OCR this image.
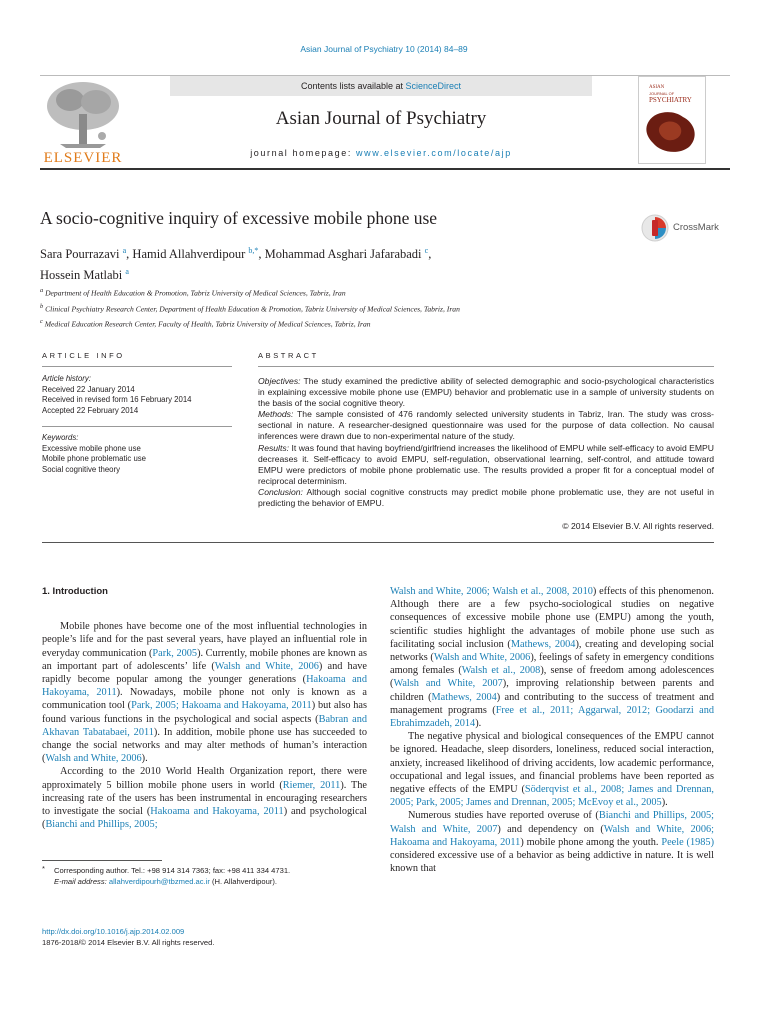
Asian Journal of Psychiatry 10 (2014) 84–89
ELSEVIER
Contents lists available at ScienceDirect
Asian Journal of Psychiatry
journal homepage: www.elsevier.com/locate/ajp
ASIAN
JOURNAL OF
PSYCHIATRY
A socio-cognitive inquiry of excessive mobile phone use	CrossMark
Sara Pourrazavi $^a$, Hamid Allahverdipour $^{b,*}$, Mohammad Asghari Jafarabadi $^c$,
Hossein Matlabi $^a$
$^a$ Department of Health Education & Promotion, Tabriz University of Medical Sciences, Tabriz, Iran
$^b$ Clinical Psychiatry Research Center, Department of Health Education & Promotion, Tabriz University of Medical Sciences, Tabriz, Iran
$^c$ Medical Education Research Center, Faculty of Health, Tabriz University of Medical Sciences, Tabriz, Iran
ARTICLE INFO	ABSTRACT
Article history:
Received 22 January 2014
Received in revised form 16 February 2014
Accepted 22 February 2014
Keywords:
Excessive mobile phone use
Mobile phone problematic use
Social cognitive theory
Objectives: The study examined the predictive ability of selected demographic and socio-psychological characteristics in explaining excessive mobile phone use (EMPU) behavior and problematic use in a sample of university students on the basis of the social cognitive theory.
Methods: The sample consisted of 476 randomly selected university students in Tabriz, Iran. The study was cross-sectional in nature. A researcher-designed questionnaire was used for the purpose of data collection. No causal inferences were drawn due to non-experimental nature of the study.
Results: It was found that having boyfriend/girlfriend increases the likelihood of EMPU while self-efficacy to avoid EMPU decreases it. Self-efficacy to avoid EMPU, self-regulation, observational learning, self-control, and attitude toward EMPU were predictors of mobile phone problematic use. The results provided a proper fit for a conceptual model of reciprocal determinism.
Conclusion: Although social cognitive constructs may predict mobile phone problematic use, they are not useful in predicting the behavior of EMPU.
© 2014 Elsevier B.V. All rights reserved.
1. Introduction

Mobile phones have become one of the most influential technologies in people’s life and for the past several years, have played an influential role in everyday communication (Park, 2005). Currently, mobile phones are known as an important part of adolescents’ life (Walsh and White, 2006) and have rapidly become popular among the younger generations (Hakoama and Hakoyama, 2011). Nowadays, mobile phone not only is known as a communication tool (Park, 2005; Hakoama and Hakoyama, 2011) but also has found various functions in the psychological and social aspects (Babran and Akhavan Tabatabaei, 2011). In addition, mobile phone use has succeeded to change the social networks and may alter methods of human’s interaction (Walsh and White, 2006).

According to the 2010 World Health Organization report, there were approximately 5 billion mobile phone users in world (Riemer, 2011). The increasing rate of the users has been instrumental in encouraging researchers to investigate the social (Hakoama and Hakoyama, 2011) and psychological (Bianchi and Phillips, 2005;

Walsh and White, 2006; Walsh et al., 2008, 2010) effects of this phenomenon. Although there are a few psycho-sociological studies on negative consequences of excessive mobile phone use (EMPU) among the youth, scientific studies highlight the advantages of mobile phone use such as facilitating social inclusion (Mathews, 2004), creating and developing social networks (Walsh and White, 2006), feelings of safety in emergency conditions among females (Walsh et al., 2008), sense of freedom among adolescences (Walsh and White, 2007), improving relationship between parents and children (Mathews, 2004) and contributing to the success of treatment and management programs (Free et al., 2011; Aggarwal, 2012; Goodarzi and Ebrahimzadeh, 2014).

The negative physical and biological consequences of the EMPU cannot be ignored. Headache, sleep disorders, loneliness, reduced social interaction, anxiety, increased likelihood of driving accidents, low academic performance, occupational and legal issues, and financial problems have been reported as negative effects of the EMPU (Söderqvist et al., 2008; James and Drennan, 2005; Park, 2005; James and Drennan, 2005; McEvoy et al., 2005).

Numerous studies have reported overuse of (Bianchi and Phillips, 2005; Walsh and White, 2007) and dependency on (Walsh and White, 2006; Hakoama and Hakoyama, 2011) mobile phone among the youth. Peele (1985) considered excessive use of a behavior as being addictive in nature. It is well known that

* Corresponding author. Tel.: +98 914 314 7363; fax: +98 411 334 4731.
E-mail address: allahverdipourh@tbzmed.ac.ir (H. Allahverdipour).
http://dx.doi.org/10.1016/j.ajp.2014.02.009
1876-2018/© 2014 Elsevier B.V. All rights reserved.
